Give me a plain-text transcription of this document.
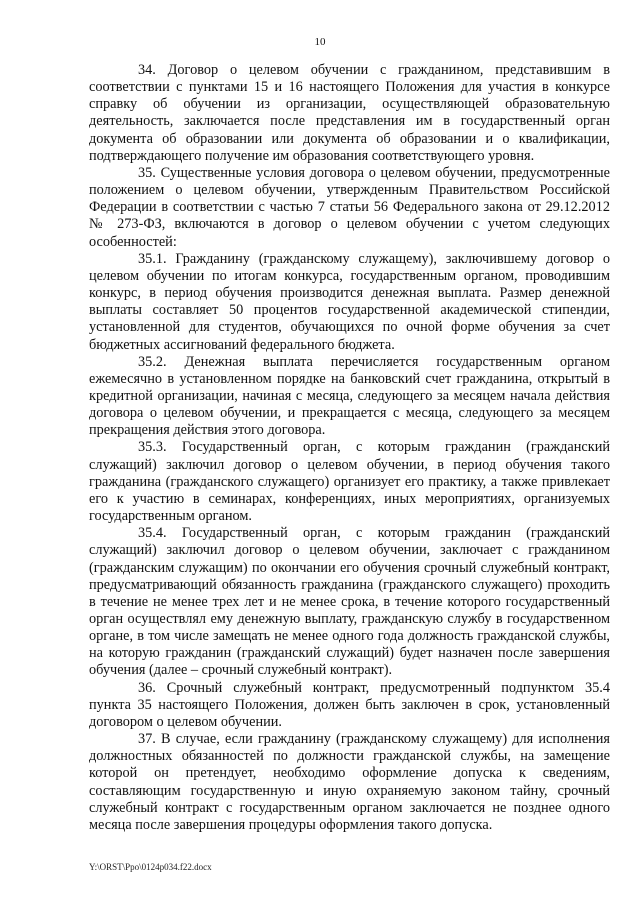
10

34. Договор о целевом обучении с гражданином, представившим в соответствии с пунктами 15 и 16 настоящего Положения для участия в конкурсе справку об обучении из организации, осуществляющей образовательную деятельность, заключается после представления им в государственный орган документа об образовании или документа об образовании и о квалификации, подтверждающего получение им образования соответствующего уровня.

35. Существенные условия договора о целевом обучении, предусмотренные положением о целевом обучении, утвержденным Правительством Российской Федерации в соответствии с частью 7 статьи 56 Федерального закона от 29.12.2012 № 273-ФЗ, включаются в договор о целевом обучении с учетом следующих особенностей:

35.1. Гражданину (гражданскому служащему), заключившему договор о целевом обучении по итогам конкурса, государственным органом, проводившим конкурс, в период обучения производится денежная выплата. Размер денежной выплаты составляет 50 процентов государственной академической стипендии, установленной для студентов, обучающихся по очной форме обучения за счет бюджетных ассигнований федерального бюджета.

35.2. Денежная выплата перечисляется государственным органом ежемесячно в установленном порядке на банковский счет гражданина, открытый в кредитной организации, начиная с месяца, следующего за месяцем начала действия договора о целевом обучении, и прекращается с месяца, следующего за месяцем прекращения действия этого договора.

35.3. Государственный орган, с которым гражданин (гражданский служащий) заключил договор о целевом обучении, в период обучения такого гражданина (гражданского служащего) организует его практику, а также привлекает его к участию в семинарах, конференциях, иных мероприятиях, организуемых государственным органом.

35.4. Государственный орган, с которым гражданин (гражданский служащий) заключил договор о целевом обучении, заключает с гражданином (гражданским служащим) по окончании его обучения срочный служебный контракт, предусматривающий обязанность гражданина (гражданского служащего) проходить в течение не менее трех лет и не менее срока, в течение которого государственный орган осуществлял ему денежную выплату, гражданскую службу в государственном органе, в том числе замещать не менее одного года должность гражданской службы, на которую гражданин (гражданский служащий) будет назначен после завершения обучения (далее – срочный служебный контракт).

36. Срочный служебный контракт, предусмотренный подпунктом 35.4 пункта 35 настоящего Положения, должен быть заключен в срок, установленный договором о целевом обучении.

37. В случае, если гражданину (гражданскому служащему) для исполнения должностных обязанностей по должности гражданской службы, на замещение которой он претендует, необходимо оформление допуска к сведениям, составляющим государственную и иную охраняемую законом тайну, срочный служебный контракт с государственным органом заключается не позднее одного месяца после завершения процедуры оформления такого допуска.

Y:\ORST\Ppo\0124p034.f22.docx
